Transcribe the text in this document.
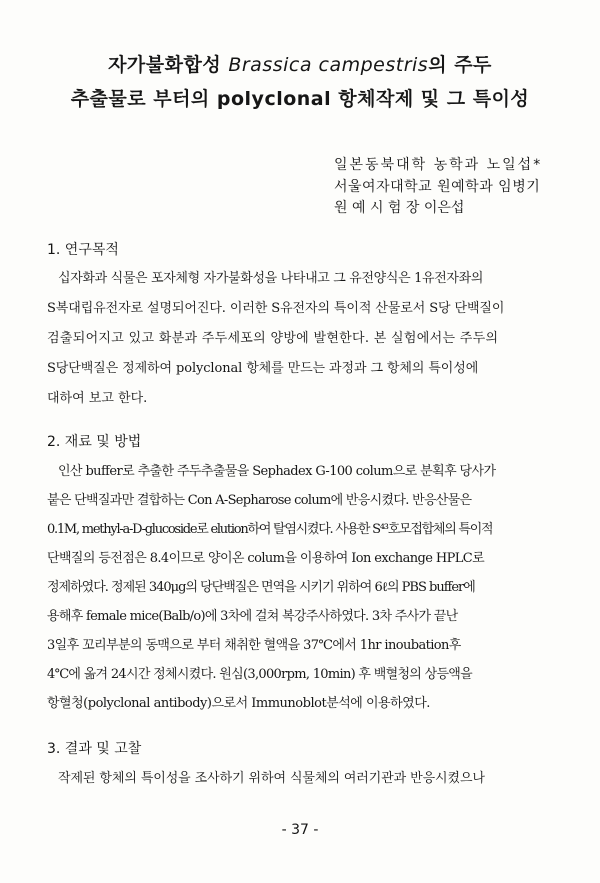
자가불화합성 Brassica campestris의 주두
추출물로 부터의 polyclonal 항체작제 및 그 특이성
일본동북대학 농학과 노일섭*
서울여자대학교 원예학과 임병기
원 예 시 험 장 이은섭
1. 연구목적
십자화과 식물은 포자체형 자가불화성을 나타내고 그 유전양식은 1유전자좌의
S복대립유전자로 설명되어진다. 이러한 S유전자의 특이적 산물로서 S당 단백질이
검출되어지고 있고 화분과 주두세포의 양방에 발현한다. 본 실험에서는 주두의
S당단백질은 정제하여 polyclonal 항체를 만드는 과정과 그 항체의 특이성에
대하여 보고 한다.
2. 재료 및 방법
인산 buffer로 추출한 주두추출물을 Sephadex G-100 colum으로 분획후 당사가
붙은 단백질과만 결합하는 Con A-Sepharose colum에 반응시켰다. 반응산물은
0.1M, methyl-a-D-glucoside로 elution하여 탈염시켰다. 사용한 S⁴³호모접합체의 특이적
단백질의 등전점은 8.4이므로 양이온 colum을 이용하여 Ion exchange HPLC로
정제하였다. 정제된 340μg의 당단백질은 면역을 시키기 위하여 6ℓ의 PBS buffer에
용해후 female mice(Balb/o)에 3차에 걸쳐 복강주사하였다. 3차 주사가 끝난
3일후 꼬리부분의 동맥으로 부터 채취한 혈액을 37℃에서 1hr inoubation후
4℃에 옮겨 24시간 정체시켰다. 원심(3,000rpm, 10min) 후 백혈청의 상등액을
항혈청(polyclonal antibody)으로서 Immunoblot분석에 이용하였다.
3. 결과 및 고찰
작제된 항체의 특이성을 조사하기 위하여 식물체의 여러기관과 반응시켰으나
- 37 -
